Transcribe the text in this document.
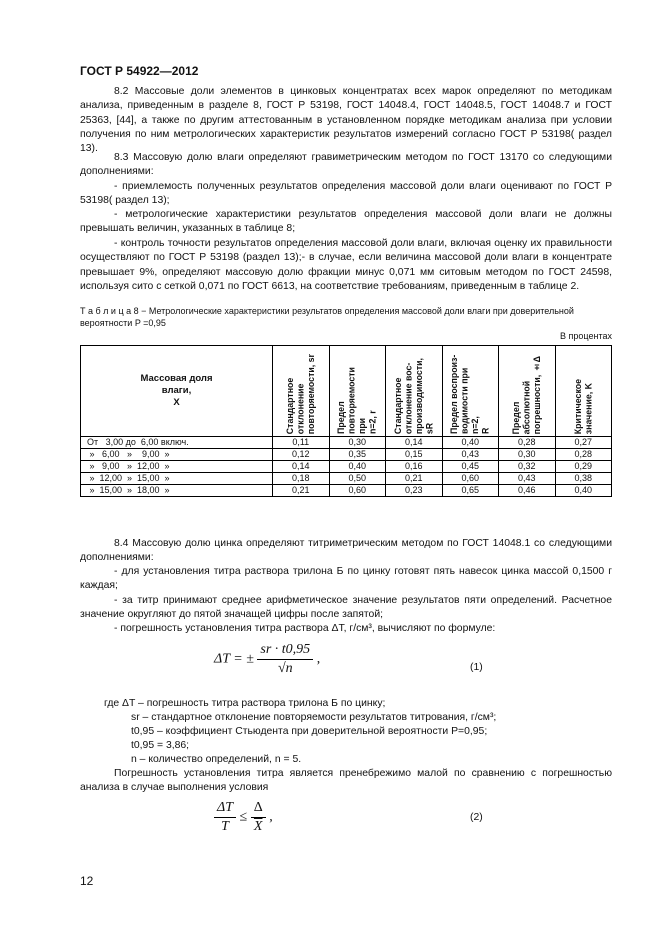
ГОСТ Р 54922—2012

8.2 Массовые доли элементов в цинковых концентратах всех марок определяют по методикам анализа, приведенным в разделе 8, ГОСТ Р 53198, ГОСТ 14048.4, ГОСТ 14048.5, ГОСТ 14048.7 и ГОСТ 25363, [44], а также по другим аттестованным в установленном порядке методикам анализа при условии получения по ним метрологических характеристик результатов измерений согласно ГОСТ Р 53198( раздел 13).

8.3 Массовую долю влаги определяют гравиметрическим методом по ГОСТ 13170 со следующими дополнениями:

- приемлемость полученных результатов определения массовой доли влаги оценивают по ГОСТ Р 53198( раздел 13);

- метрологические характеристики результатов определения массовой доли влаги не должны превышать величин, указанных в таблице 8;

- контроль точности результатов определения массовой доли влаги, включая оценку их правильности осуществляют по ГОСТ Р 53198 (раздел 13);- в случае, если величина массовой доли влаги в концентрате превышает 9%, определяют массовую долю фракции минус 0,071 мм ситовым методом по ГОСТ 24598, используя сито с сеткой 0,071 по ГОСТ 6613, на соответствие требованиям, приведенным в таблице 2.

Т а б л и ц а 8 − Метрологические характеристики результатов определения массовой доли влаги при доверительной вероятности P =0,95
В процентах
Массовая доля
влаги,
X	Стандартное
отклонение
повторяемости, sr	Предел
повторяемости при
n=2, r	Стандартное
отклонение вос-
производимости,
sR	Предел воспроиз-
водимости при n=2,
R	Предел
абсолютной
погрешности, ±Δ	Критическое
значение, K

От   3,00 до  6,00 включ.	0,11	0,30	0,14	0,40	0,28	0,27
»   6,00   »    9,00  »	0,12	0,35	0,15	0,43	0,30	0,28
»   9,00   »  12,00  »	0,14	0,40	0,16	0,45	0,32	0,29
»  12,00  »  15,00  »	0,18	0,50	0,21	0,60	0,43	0,38
»  15,00  »  18,00  »	0,21	0,60	0,23	0,65	0,46	0,40

8.4 Массовую долю цинка определяют титриметрическим методом по ГОСТ 14048.1 со следующими дополнениями:

- для установления титра раствора трилона Б по цинку готовят пять навесок цинка массой 0,1500 г каждая;

- за титр принимают среднее арифметическое значение результатов пяти определений. Расчетное значение округляют до пятой значащей цифры после запятой;

- погрешность установления титра раствора ΔT, г/см³, вычисляют по формуле:

ΔT = ± $\frac{sr \cdot t0,95}{√n}$ ,
(1)
где ΔT – погрешность титра раствора трилона Б по цинку;
sr – стандартное отклонение повторяемости результатов титрования, г/см³;
t0,95 – коэффициент Стьюдента при доверительной вероятности P=0,95;
t0,95 = 3,86;
n – количество определений, n = 5.

Погрешность установления титра является пренебрежимо малой по сравнению с погрешностью анализа в случае выполнения условия

$\frac{\Delta T}{T} \le \frac{\Delta}{X}$ ,	(2)
12
